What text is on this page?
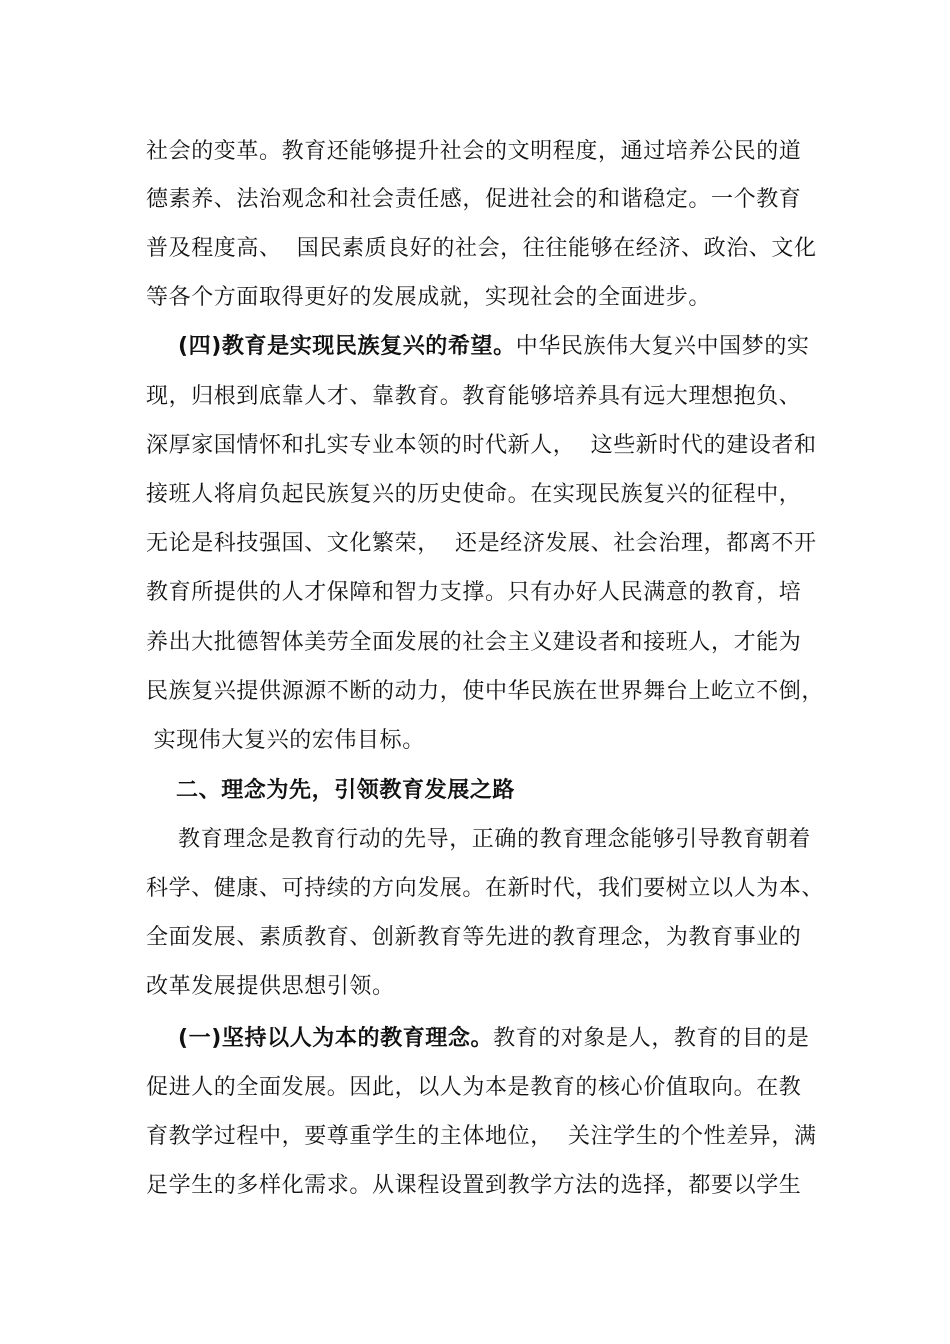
社会的变革。教育还能够提升社会的文明程度，通过培养公民的道
德素养、法治观念和社会责任感，促进社会的和谐稳定。一个教育
普及程度高、  国民素质良好的社会，往往能够在经济、政治、文化
等各个方面取得更好的发展成就，实现社会的全面进步。
(四)教育是实现民族复兴的希望。中华民族伟大复兴中国梦的实
现，归根到底靠人才、靠教育。教育能够培养具有远大理想抱负、
深厚家国情怀和扎实专业本领的时代新人，  这些新时代的建设者和
接班人将肩负起民族复兴的历史使命。在实现民族复兴的征程中，
无论是科技强国、文化繁荣，  还是经济发展、社会治理，都离不开
教育所提供的人才保障和智力支撑。只有办好人民满意的教育，培
养出大批德智体美劳全面发展的社会主义建设者和接班人，才能为
民族复兴提供源源不断的动力，使中华民族在世界舞台上屹立不倒，
实现伟大复兴的宏伟目标。
二、理念为先，引领教育发展之路
教育理念是教育行动的先导，正确的教育理念能够引导教育朝着
科学、健康、可持续的方向发展。在新时代，我们要树立以人为本、
全面发展、素质教育、创新教育等先进的教育理念，为教育事业的
改革发展提供思想引领。
(一)坚持以人为本的教育理念。教育的对象是人，教育的目的是
促进人的全面发展。因此，以人为本是教育的核心价值取向。在教
育教学过程中，要尊重学生的主体地位，  关注学生的个性差异，满
足学生的多样化需求。从课程设置到教学方法的选择，都要以学生
